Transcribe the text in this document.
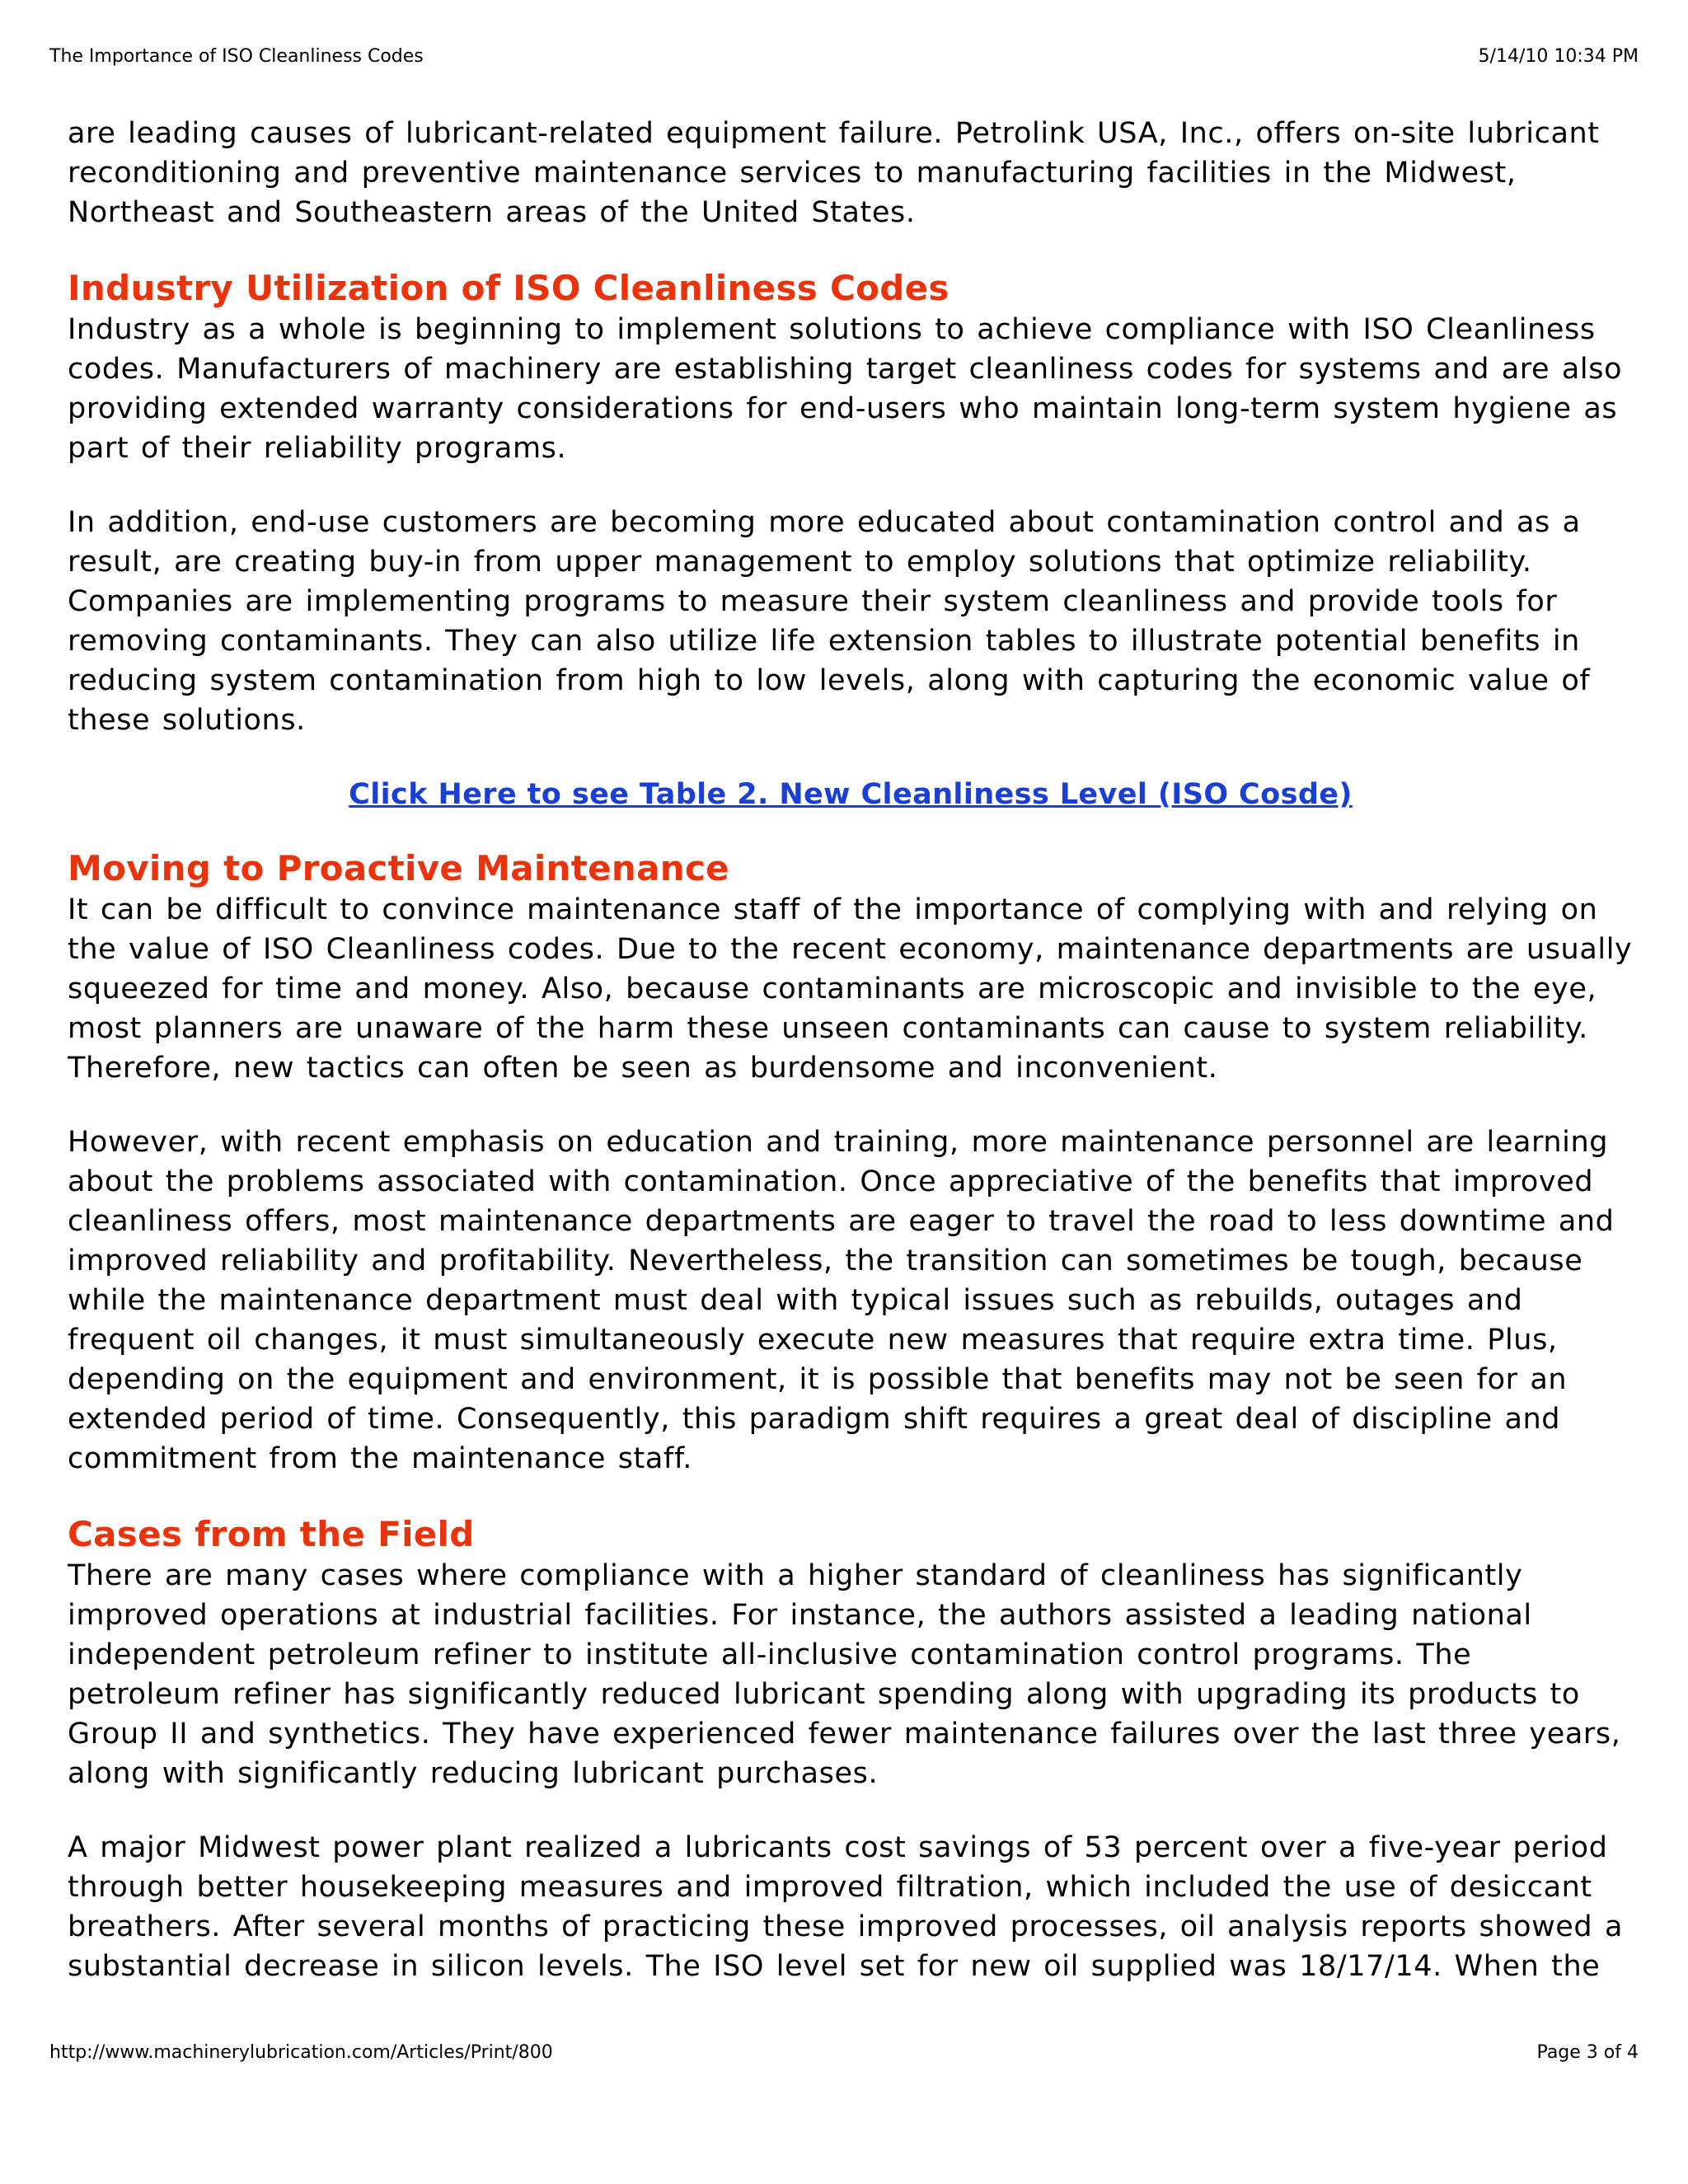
The Importance of ISO Cleanliness Codes	5/14/10 10:34 PM

are leading causes of lubricant-related equipment failure. Petrolink USA, Inc., offers on-site lubricant reconditioning and preventive maintenance services to manufacturing facilities in the Midwest, Northeast and Southeastern areas of the United States.

Industry Utilization of ISO Cleanliness Codes

Industry as a whole is beginning to implement solutions to achieve compliance with ISO Cleanliness codes. Manufacturers of machinery are establishing target cleanliness codes for systems and are also providing extended warranty considerations for end-users who maintain long-term system hygiene as part of their reliability programs.

In addition, end-use customers are becoming more educated about contamination control and as a result, are creating buy-in from upper management to employ solutions that optimize reliability. Companies are implementing programs to measure their system cleanliness and provide tools for removing contaminants. They can also utilize life extension tables to illustrate potential benefits in reducing system contamination from high to low levels, along with capturing the economic value of these solutions.

Click Here to see Table 2. New Cleanliness Level (ISO Cosde)
Moving to Proactive Maintenance

It can be difficult to convince maintenance staff of the importance of complying with and relying on the value of ISO Cleanliness codes. Due to the recent economy, maintenance departments are usually squeezed for time and money. Also, because contaminants are microscopic and invisible to the eye, most planners are unaware of the harm these unseen contaminants can cause to system reliability. Therefore, new tactics can often be seen as burdensome and inconvenient.

However, with recent emphasis on education and training, more maintenance personnel are learning about the problems associated with contamination. Once appreciative of the benefits that improved cleanliness offers, most maintenance departments are eager to travel the road to less downtime and improved reliability and profitability. Nevertheless, the transition can sometimes be tough, because while the maintenance department must deal with typical issues such as rebuilds, outages and frequent oil changes, it must simultaneously execute new measures that require extra time. Plus, depending on the equipment and environment, it is possible that benefits may not be seen for an extended period of time. Consequently, this paradigm shift requires a great deal of discipline and commitment from the maintenance staff.

Cases from the Field

There are many cases where compliance with a higher standard of cleanliness has significantly improved operations at industrial facilities. For instance, the authors assisted a leading national independent petroleum refiner to institute all-inclusive contamination control programs. The petroleum refiner has significantly reduced lubricant spending along with upgrading its products to Group II and synthetics. They have experienced fewer maintenance failures over the last three years, along with significantly reducing lubricant purchases.

A major Midwest power plant realized a lubricants cost savings of 53 percent over a five-year period through better housekeeping measures and improved filtration, which included the use of desiccant breathers. After several months of practicing these improved processes, oil analysis reports showed a substantial decrease in silicon levels. The ISO level set for new oil supplied was 18/17/14. When the

http://www.machinerylubrication.com/Articles/Print/800	Page 3 of 4
